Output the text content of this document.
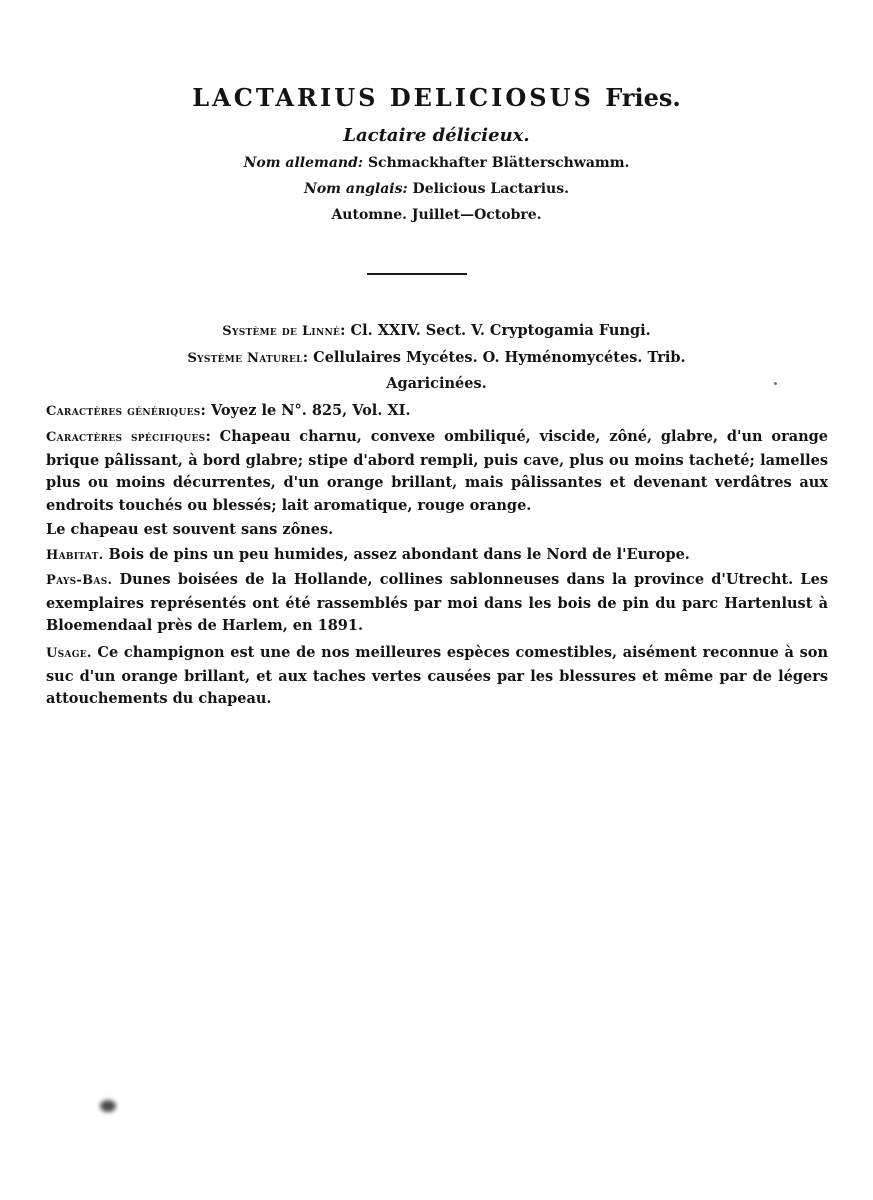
LACTARIUS DELICIOSUS Fries.
Lactaire délicieux.
Nom allemand: Schmackhafter Blätterschwamm.
Nom anglais: Delicious Lactarius.
Automne. Juillet—Octobre.
Système de Linné: Cl. XXIV. Sect. V. Cryptogamia Fungi.
Système Naturel: Cellulaires Mycétes. O. Hyménomycétes. Trib.
Agaricinées.
Caractères génériques: Voyez le N°. 825, Vol. XI.
Caractères spécifiques: Chapeau charnu, convexe ombiliqué, viscide, zôné, glabre, d'un orange brique pâlissant, à bord glabre; stipe d'abord rempli, puis cave, plus ou moins tacheté; lamelles plus ou moins décurrentes, d'un orange brillant, mais pâlissantes et devenant verdâtres aux endroits touchés ou blessés; lait aromatique, rouge orange.
Le chapeau est souvent sans zônes.
Habitat. Bois de pins un peu humides, assez abondant dans le Nord de l'Europe.
Pays-Bas. Dunes boisées de la Hollande, collines sablonneuses dans la province d'Utrecht. Les exemplaires représentés ont été rassemblés par moi dans les bois de pin du parc Hartenlust à Bloemendaal près de Harlem, en 1891.
Usage. Ce champignon est une de nos meilleures espèces comestibles, aisément reconnue à son suc d'un orange brillant, et aux taches vertes causées par les blessures et même par de légers attouchements du chapeau.
